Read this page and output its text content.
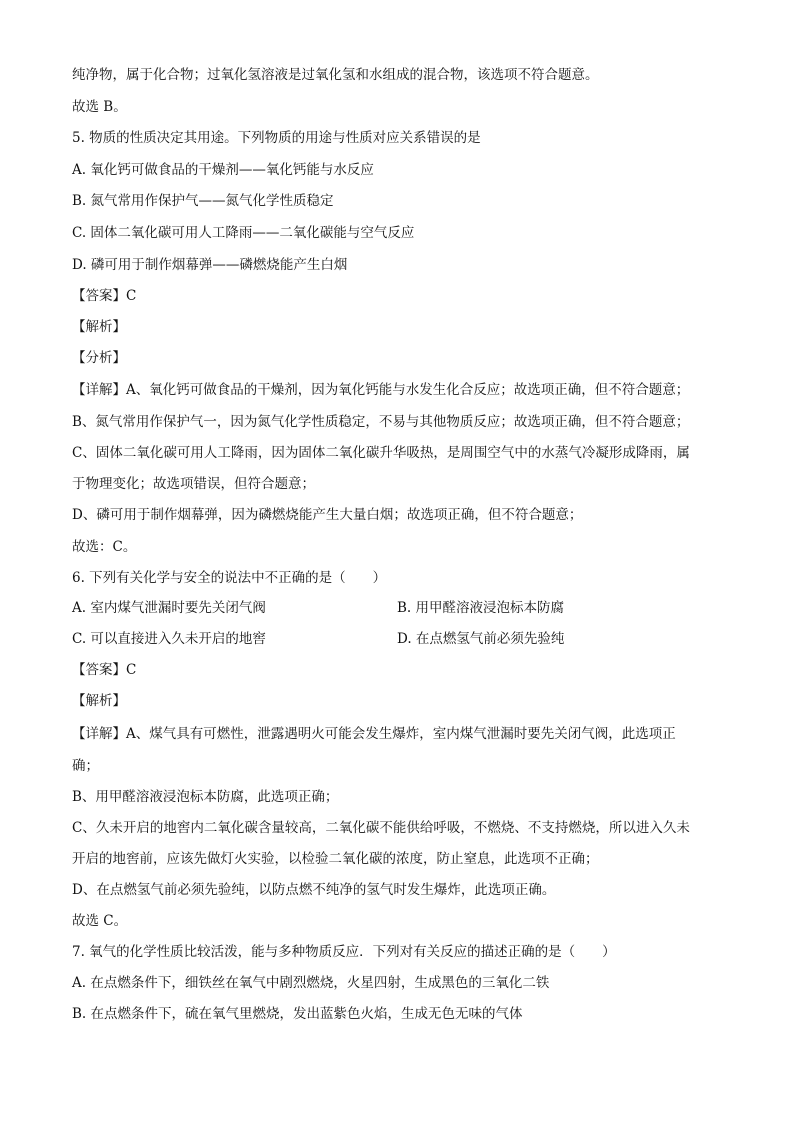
纯净物，属于化合物；过氧化氢溶液是过氧化氢和水组成的混合物，该选项不符合题意。
故选 B。
5. 物质的性质决定其用途。下列物质的用途与性质对应关系错误的是
A. 氧化钙可做食品的干燥剂——氧化钙能与水反应
B. 氮气常用作保护气——氮气化学性质稳定
C. 固体二氧化碳可用人工降雨——二氧化碳能与空气反应
D. 磷可用于制作烟幕弹——磷燃烧能产生白烟
【答案】C
【解析】
【分析】
【详解】A、氧化钙可做食品的干燥剂，因为氧化钙能与水发生化合反应；故选项正确，但不符合题意；
B、氮气常用作保护气一，因为氮气化学性质稳定，不易与其他物质反应；故选项正确，但不符合题意；
C、固体二氧化碳可用人工降雨，因为固体二氧化碳升华吸热，是周围空气中的水蒸气冷凝形成降雨，属
于物理变化；故选项错误，但符合题意；
D、磷可用于制作烟幕弹，因为磷燃烧能产生大量白烟；故选项正确，但不符合题意；
故选：C。
6. 下列有关化学与安全的说法中不正确的是（　　）
A. 室内煤气泄漏时要先关闭气阀	B. 用甲醛溶液浸泡标本防腐
C. 可以直接进入久未开启的地窖	D. 在点燃氢气前必须先验纯
【答案】C
【解析】
【详解】A、煤气具有可燃性，泄露遇明火可能会发生爆炸，室内煤气泄漏时要先关闭气阀，此选项正
确；
B、用甲醛溶液浸泡标本防腐，此选项正确；
C、久未开启的地窖内二氧化碳含量较高，二氧化碳不能供给呼吸，不燃烧、不支持燃烧，所以进入久未
开启的地窖前，应该先做灯火实验，以检验二氧化碳的浓度，防止窒息，此选项不正确；
D、在点燃氢气前必须先验纯，以防点燃不纯净的氢气时发生爆炸，此选项正确。
故选 C。
7. 氧气的化学性质比较活泼，能与多种物质反应．下列对有关反应的描述正确的是（　　）
A. 在点燃条件下，细铁丝在氧气中剧烈燃烧，火星四射，生成黑色的三氧化二铁
B. 在点燃条件下，硫在氧气里燃烧，发出蓝紫色火焰，生成无色无味的气体
